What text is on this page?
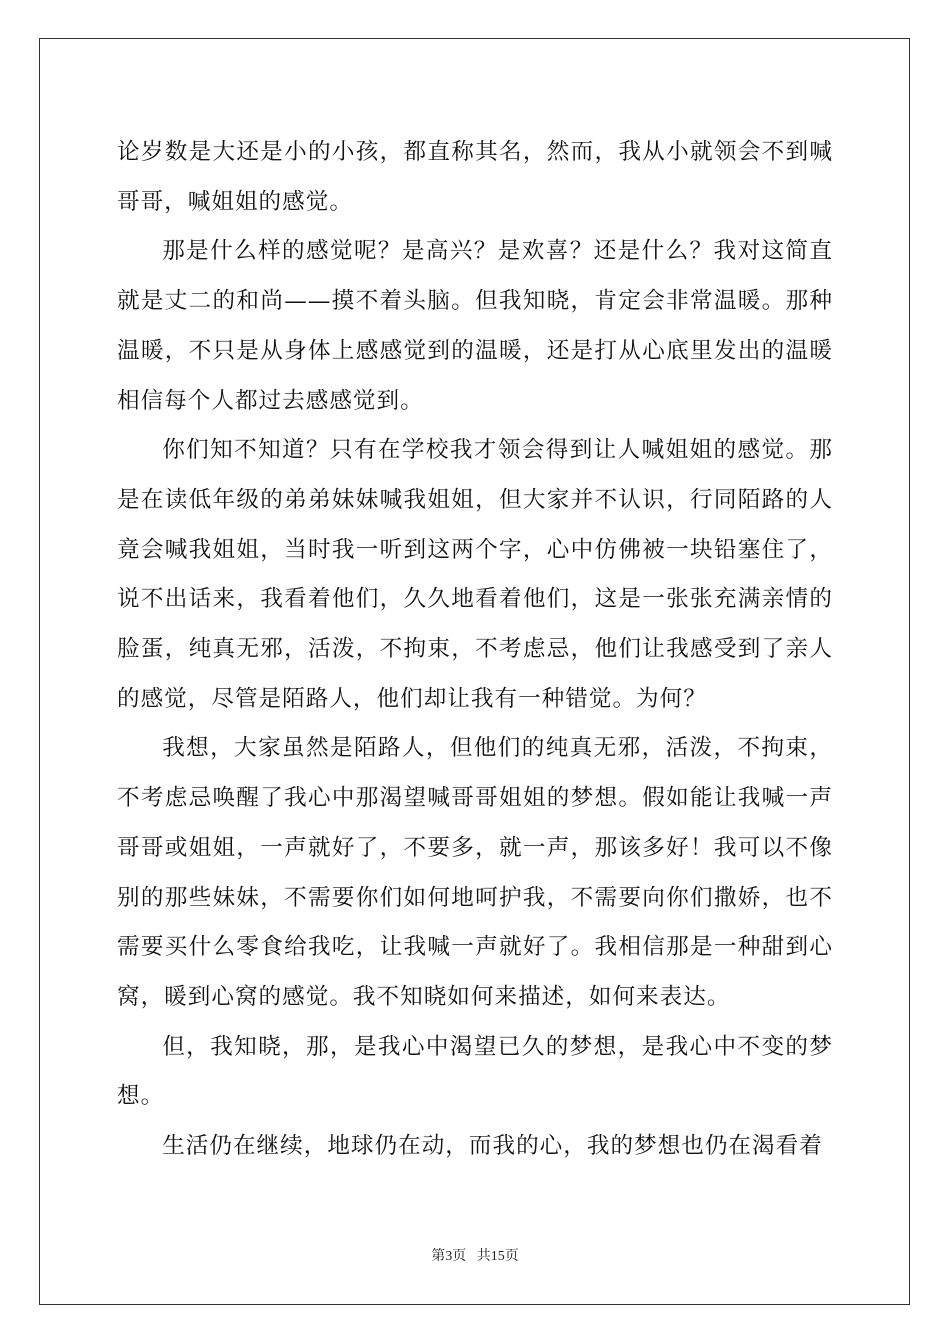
论岁数是大还是小的小孩，都直称其名，然而，我从小就领会不到喊哥哥，喊姐姐的感觉。

那是什么样的感觉呢？是高兴？是欢喜？还是什么？我对这简直就是丈二的和尚——摸不着头脑。但我知晓，肯定会非常温暖。那种温暖，不只是从身体上感感觉到的温暖，还是打从心底里发出的温暖相信每个人都过去感感觉到。

你们知不知道？只有在学校我才领会得到让人喊姐姐的感觉。那是在读低年级的弟弟妹妹喊我姐姐，但大家并不认识，行同陌路的人竟会喊我姐姐，当时我一听到这两个字，心中仿佛被一块铅塞住了，说不出话来，我看着他们，久久地看着他们，这是一张张充满亲情的脸蛋，纯真无邪，活泼，不拘束，不考虑忌，他们让我感受到了亲人的感觉，尽管是陌路人，他们却让我有一种错觉。为何？

我想，大家虽然是陌路人，但他们的纯真无邪，活泼，不拘束，不考虑忌唤醒了我心中那渴望喊哥哥姐姐的梦想。假如能让我喊一声哥哥或姐姐，一声就好了，不要多，就一声，那该多好！我可以不像别的那些妹妹，不需要你们如何地呵护我，不需要向你们撒娇，也不需要买什么零食给我吃，让我喊一声就好了。我相信那是一种甜到心窝，暖到心窝的感觉。我不知晓如何来描述，如何来表达。

但，我知晓，那，是我心中渴望已久的梦想，是我心中不变的梦想。

生活仍在继续，地球仍在动，而我的心，我的梦想也仍在渴看着

第3页 共15页
